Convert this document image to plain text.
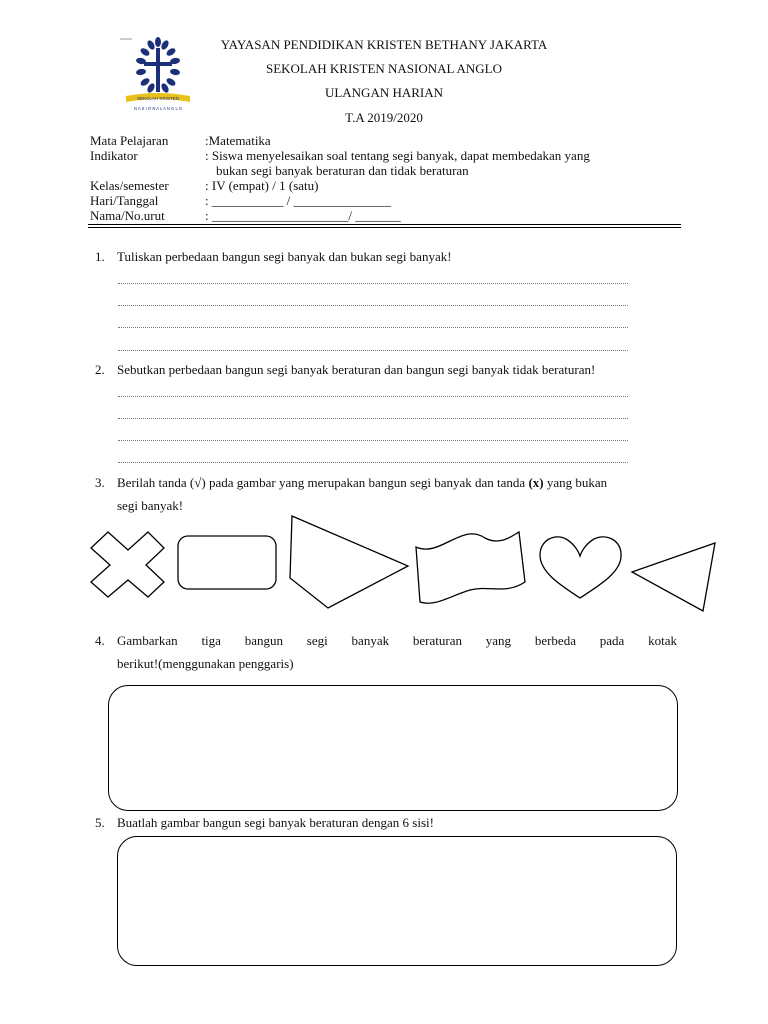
SEKOLAH KRISTEN
N A S I O N A L A N G L O
YAYASAN PENDIDIKAN KRISTEN BETHANY JAKARTA
SEKOLAH KRISTEN NASIONAL ANGLO
ULANGAN HARIAN
T.A 2019/2020
Mata Pelajaran	:Matematika
Indikator	: Siswa menyelesaikan soal tentang segi banyak, dapat membedakan yang
bukan segi banyak beraturan dan tidak beraturan
Kelas/semester	: IV (empat) / 1 (satu)
Hari/Tanggal	: ___________ / _______________
Nama/No.urut	: _____________________/ _______
1. Tuliskan perbedaan bangun segi banyak dan bukan segi banyak!
2. Sebutkan perbedaan bangun segi banyak beraturan dan bangun segi banyak tidak beraturan!
3. Berilah tanda (√) pada gambar yang merupakan bangun segi banyak dan tanda (x) yang bukan
segi banyak!
4. Gambarkan tiga bangun segi banyak beraturan yang berbeda pada kotak
berikut!(menggunakan penggaris)
5. Buatlah gambar bangun segi banyak beraturan dengan 6 sisi!
